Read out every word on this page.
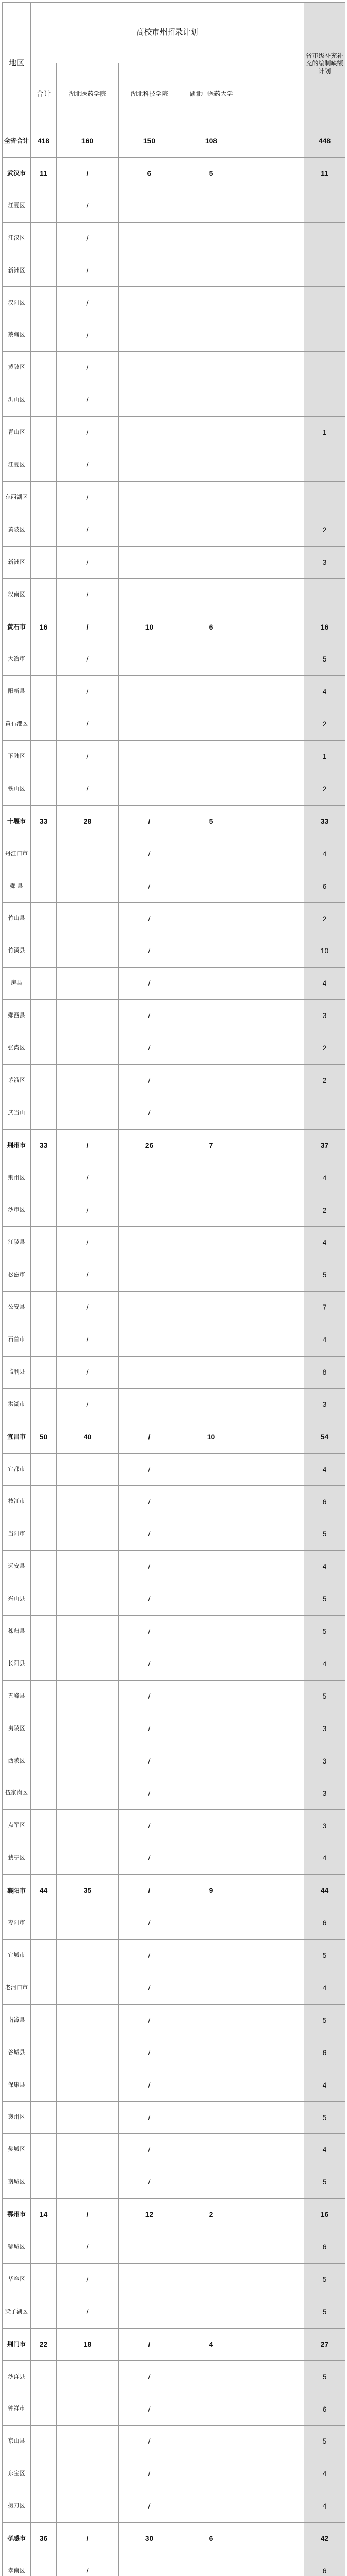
地区	高校市州招录计划					省市级补充补充的编制缺额计划
	合计	湖北医药学院	湖北科技学院	湖北中医药大学		
全省合计	418	160	150	108		448
武汉市	11	/	6	5		11
江夏区		/				
江汉区		/				
新洲区		/				
汉阳区		/				
蔡甸区		/				
黄陂区		/				
洪山区		/				
青山区		/				1
江夏区		/				
东西湖区		/				
黄陂区		/				2
新洲区		/				3
汉南区		/				
黄石市	16	/	10	6		16
大冶市		/				5
阳新县		/				4
黄石港区		/				2
下陆区		/				1
铁山区		/				2
十堰市	33	28	/	5		33
丹江口市			/			4
郧 县			/			6
竹山县			/			2
竹溪县			/			10
房县			/			4
郧西县			/			3
张湾区			/			2
茅箭区			/			2
武当山			/			
荆州市	33	/	26	7		37
荆州区		/				4
沙市区		/				2
江陵县		/				4
松滋市		/				5
公安县		/				7
石首市		/				4
监利县		/				8
洪湖市		/				3
宜昌市	50	40	/	10		54
宜都市			/			4
枝江市			/			6
当阳市			/			5
远安县			/			4
兴山县			/			5
秭归县			/			5
长阳县			/			4
五峰县			/			5
夷陵区			/			3
西陵区			/			3
伍家岗区			/			3
点军区			/			3
猇亭区			/			4
襄阳市	44	35	/	9		44
枣阳市			/			6
宜城市			/			5
老河口市			/			4
南漳县			/			5
谷城县			/			6
保康县			/			4
襄州区			/			5
樊城区			/			4
襄城区			/			5
鄂州市	14	/	12	2		16
鄂城区		/				6
华容区		/				5
梁子湖区		/				5
荆门市	22	18	/	4		27
沙洋县			/			5
钟祥市			/			6
京山县			/			5
东宝区			/			4
掇刀区			/			4
孝感市	36	/	30	6		42
孝南区		/				6
